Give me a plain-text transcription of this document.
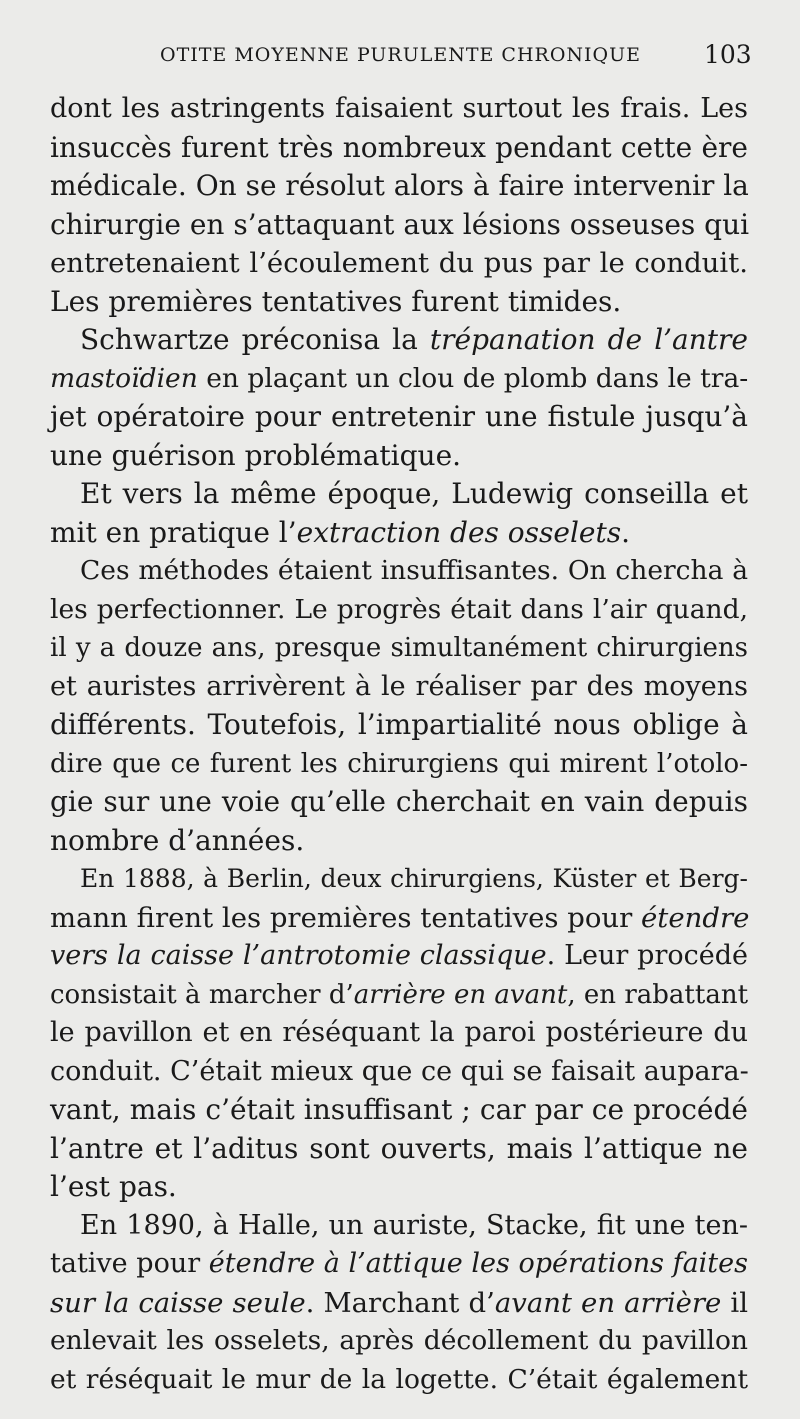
OTITE MOYENNE PURULENTE CHRONIQUE	103
dont les astringents faisaient surtout les frais. Les
insuccès furent très nombreux pendant cette ère
médicale. On se résolut alors à faire intervenir la
chirurgie en s’attaquant aux lésions osseuses qui
entretenaient l’écoulement du pus par le conduit.
Les premières tentatives furent timides.
Schwartze préconisa la trépanation de l’antre
mastoïdien en plaçant un clou de plomb dans le tra-
jet opératoire pour entretenir une fistule jusqu’à
une guérison problématique.
Et vers la même époque, Ludewig conseilla et
mit en pratique l’extraction des osselets.
Ces méthodes étaient insuffisantes. On chercha à
les perfectionner. Le progrès était dans l’air quand,
il y a douze ans, presque simultanément chirurgiens
et auristes arrivèrent à le réaliser par des moyens
différents. Toutefois, l’impartialité nous oblige à
dire que ce furent les chirurgiens qui mirent l’otolo-
gie sur une voie qu’elle cherchait en vain depuis
nombre d’années.
En 1888, à Berlin, deux chirurgiens, Küster et Berg-
mann firent les premières tentatives pour étendre
vers la caisse l’antrotomie classique. Leur procédé
consistait à marcher d’arrière en avant, en rabattant
le pavillon et en réséquant la paroi postérieure du
conduit. C’était mieux que ce qui se faisait aupara-
vant, mais c’était insuffisant ; car par ce procédé
l’antre et l’aditus sont ouverts, mais l’attique ne
l’est pas.
En 1890, à Halle, un auriste, Stacke, fit une ten-
tative pour étendre à l’attique les opérations faites
sur la caisse seule. Marchant d’avant en arrière il
enlevait les osselets, après décollement du pavillon
et réséquait le mur de la logette. C’était également
